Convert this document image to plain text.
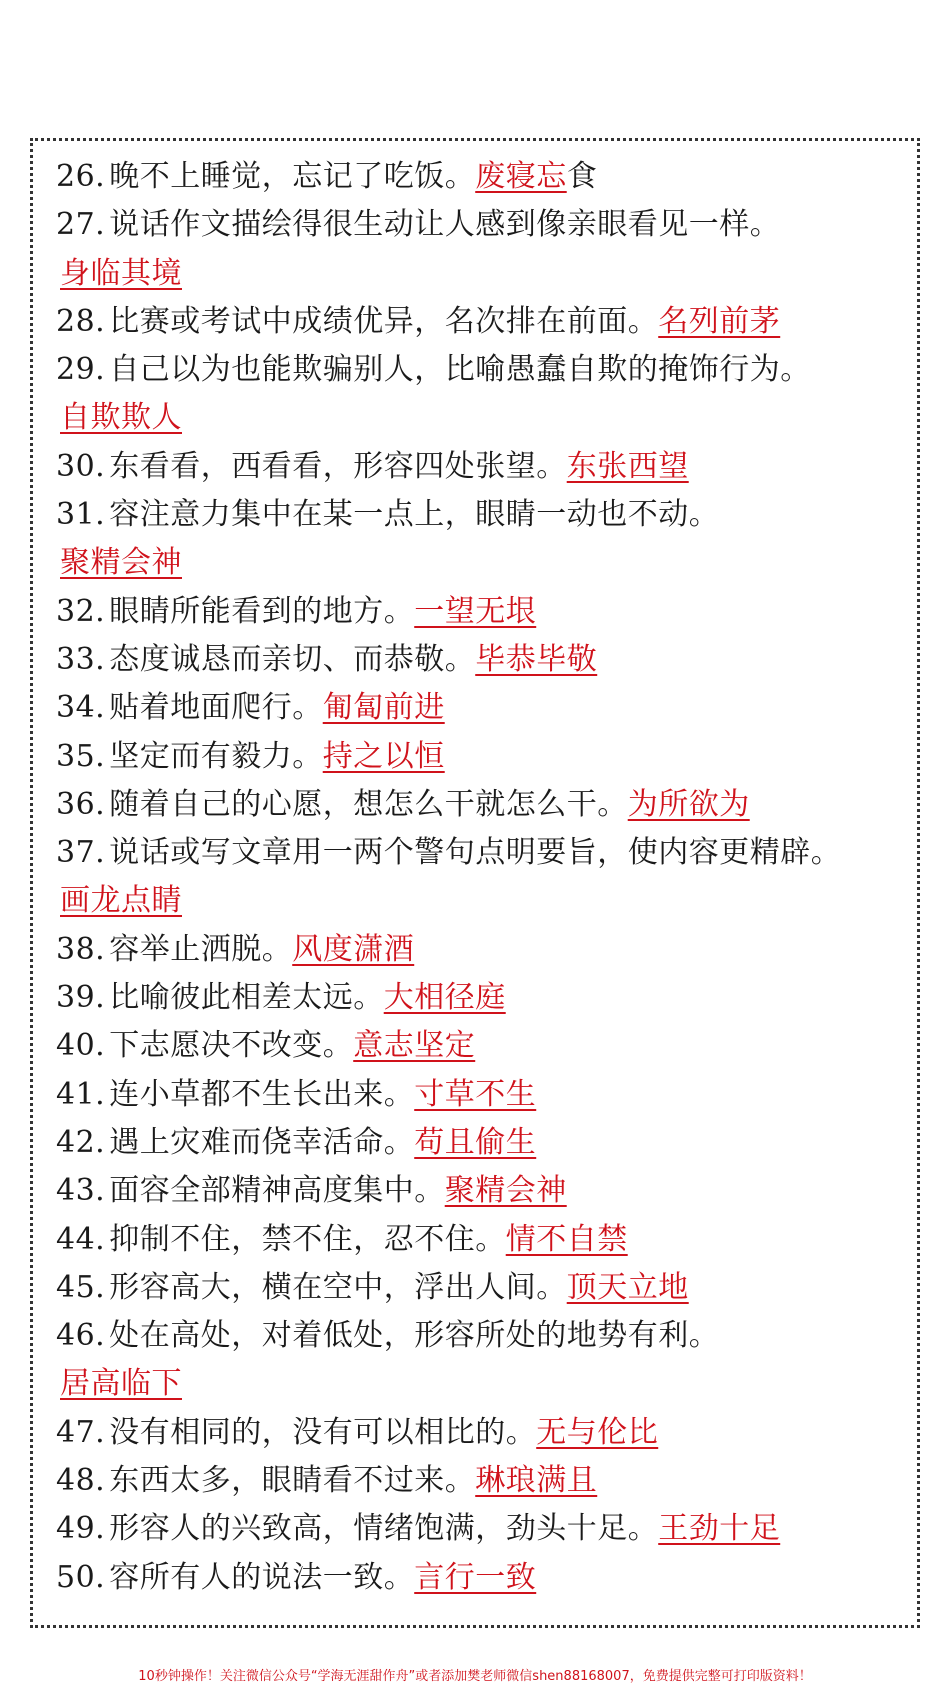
26. 晚不上睡觉，忘记了吃饭。废寝忘食
27. 说话作文描绘得很生动让人感到像亲眼看见一样。
身临其境
28. 比赛或考试中成绩优异，名次排在前面。名列前茅
29. 自己以为也能欺骗别人，比喻愚蠢自欺的掩饰行为。
自欺欺人
30. 东看看，西看看，形容四处张望。东张西望
31. 容注意力集中在某一点上，眼睛一动也不动。
聚精会神
32. 眼睛所能看到的地方。一望无垠
33. 态度诚恳而亲切、而恭敬。毕恭毕敬
34. 贴着地面爬行。匍匐前进
35. 坚定而有毅力。持之以恒
36. 随着自己的心愿，想怎么干就怎么干。为所欲为
37. 说话或写文章用一两个警句点明要旨，使内容更精辟。
画龙点睛
38. 容举止洒脱。风度潇酒
39. 比喻彼此相差太远。大相径庭
40. 下志愿决不改变。意志坚定
41. 连小草都不生长出来。寸草不生
42. 遇上灾难而侥幸活命。苟且偷生
43. 面容全部精神高度集中。聚精会神
44. 抑制不住，禁不住，忍不住。情不自禁
45. 形容高大，横在空中，浮出人间。顶天立地
46. 处在高处，对着低处，形容所处的地势有利。
居高临下
47. 没有相同的，没有可以相比的。无与伦比
48. 东西太多，眼睛看不过来。琳琅满且
49. 形容人的兴致高，情绪饱满，劲头十足。王劲十足
50. 容所有人的说法一致。言行一致
10秒钟操作！关注微信公众号“学海无涯甜作舟”或者添加樊老师微信shen88168007，免费提供完整可打印版资料！
